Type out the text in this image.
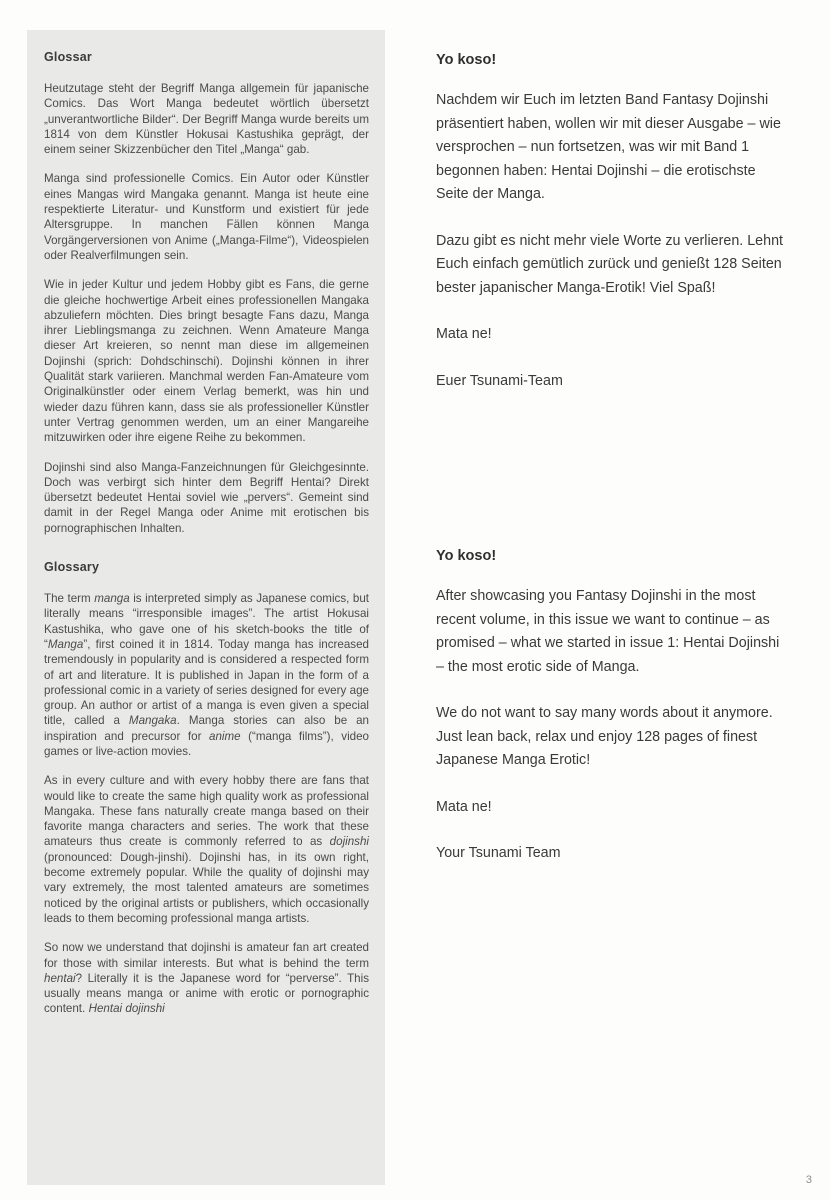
Glossar

Heutzutage steht der Begriff Manga allgemein für japanische Comics. Das Wort Manga bedeutet wörtlich übersetzt „unverantwortliche Bilder“. Der Begriff Manga wurde bereits um 1814 von dem Künstler Hokusai Kastushika geprägt, der einem seiner Skizzenbücher den Titel „Manga“ gab.

Manga sind professionelle Comics. Ein Autor oder Künstler eines Mangas wird Mangaka genannt. Manga ist heute eine respektierte Literatur- und Kunstform und existiert für jede Altersgruppe. In manchen Fällen können Manga Vorgängerversionen von Anime („Manga-Filme“), Videospielen oder Realverfilmungen sein.

Wie in jeder Kultur und jedem Hobby gibt es Fans, die gerne die gleiche hochwertige Arbeit eines professionellen Mangaka abzuliefern möchten. Dies bringt besagte Fans dazu, Manga ihrer Lieblingsmanga zu zeichnen. Wenn Amateure Manga dieser Art kreieren, so nennt man diese im allgemeinen Dojinshi (sprich: Dohdschinschi). Dojinshi können in ihrer Qualität stark variieren. Manchmal werden Fan-Amateure vom Originalkünstler oder einem Verlag bemerkt, was hin und wieder dazu führen kann, dass sie als professioneller Künstler unter Vertrag genommen werden, um an einer Mangareihe mitzuwirken oder ihre eigene Reihe zu bekommen.

Dojinshi sind also Manga-Fanzeichnungen für Gleichgesinnte. Doch was verbirgt sich hinter dem Begriff Hentai? Direkt übersetzt bedeutet Hentai soviel wie „pervers“. Gemeint sind damit in der Regel Manga oder Anime mit erotischen bis pornographischen Inhalten.

Glossary

The term manga is interpreted simply as Japanese comics, but literally means “irresponsible images”. The artist Hokusai Kastushika, who gave one of his sketch-books the title of “Manga”, first coined it in 1814. Today manga has increased tremendously in popularity and is considered a respected form of art and literature. It is published in Japan in the form of a professional comic in a variety of series designed for every age group. An author or artist of a manga is even given a special title, called a Mangaka. Manga stories can also be an inspiration and precursor for anime (“manga films”), video games or live-action movies.

As in every culture and with every hobby there are fans that would like to create the same high quality work as professional Mangaka. These fans naturally create manga based on their favorite manga characters and series. The work that these amateurs thus create is commonly referred to as dojinshi (pronounced: Dough-jinshi). Dojinshi has, in its own right, become extremely popular. While the quality of dojinshi may vary extremely, the most talented amateurs are sometimes noticed by the original artists or publishers, which occasionally leads to them becoming professional manga artists.

So now we understand that dojinshi is amateur fan art created for those with similar interests. But what is behind the term hentai? Literally it is the Japanese word for “perverse”. This usually means manga or anime with erotic or pornographic content. Hentai dojinshi

Yo koso!

Nachdem wir Euch im letzten Band Fantasy Dojinshi präsentiert haben, wollen wir mit dieser Ausgabe – wie versprochen – nun fortsetzen, was wir mit Band 1 begonnen haben: Hentai Dojinshi – die erotischste Seite der Manga.

Dazu gibt es nicht mehr viele Worte zu verlieren. Lehnt Euch einfach gemütlich zurück und genießt 128 Seiten bester japanischer Manga-Erotik! Viel Spaß!

Mata ne!

Euer Tsunami-Team

Yo koso!

After showcasing you Fantasy Dojinshi in the most recent volume, in this issue we want to continue – as promised – what we started in issue 1: Hentai Dojinshi – the most erotic side of Manga.

We do not want to say many words about it anymore. Just lean back, relax und enjoy 128 pages of finest Japanese Manga Erotic!

Mata ne!

Your Tsunami Team

3
